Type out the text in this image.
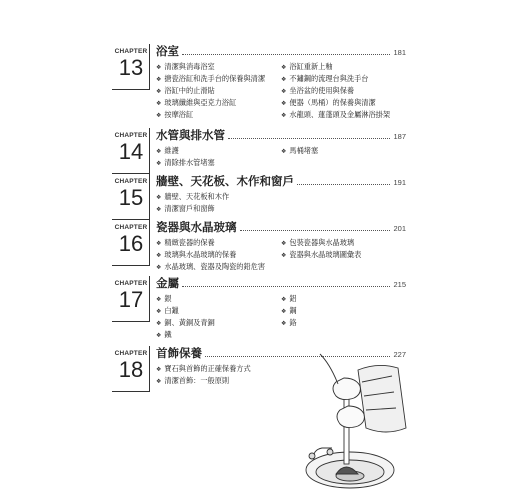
CHAPTER
13
浴室	181
❖ 清潔與消毒浴室	❖ 浴缸重新上釉
❖ 搪瓷浴缸和洗手台的保養與清潔	❖ 不鏽鋼的流理台與洗手台
❖ 浴缸中的止滑貼	❖ 坐浴盆的使用與保養
❖ 玻璃纖維與亞克力浴缸	❖ 便器（馬桶）的保養與清潔
❖ 按摩浴缸	❖ 水龍頭、蓮蓬頭及金屬淋浴掛架
CHAPTER
14
水管與排水管	187
❖ 維護	❖ 馬桶堵塞
❖ 清除排水管堵塞
CHAPTER
15
牆壁、天花板、木作和窗戶	191
❖ 牆壁、天花板和木作
❖ 清潔窗戶和窗飾
CHAPTER
16
瓷器與水晶玻璃	201
❖ 精緻瓷器的保養	❖ 包裝瓷器與水晶玻璃
❖ 玻璃與水晶玻璃的保養	❖ 瓷器與水晶玻璃圖彙表
❖ 水晶玻璃、瓷器及陶瓷的鉛危害
CHAPTER
17
金屬	215
❖ 銀	❖ 鋁
❖ 白鑞	❖ 鋼
❖ 銅、黃銅及青銅	❖ 鉻
❖ 鐵
CHAPTER
18
首飾保養	227
❖ 寶石與首飾的正確保養方式
❖ 清潔首飾：一般原則
